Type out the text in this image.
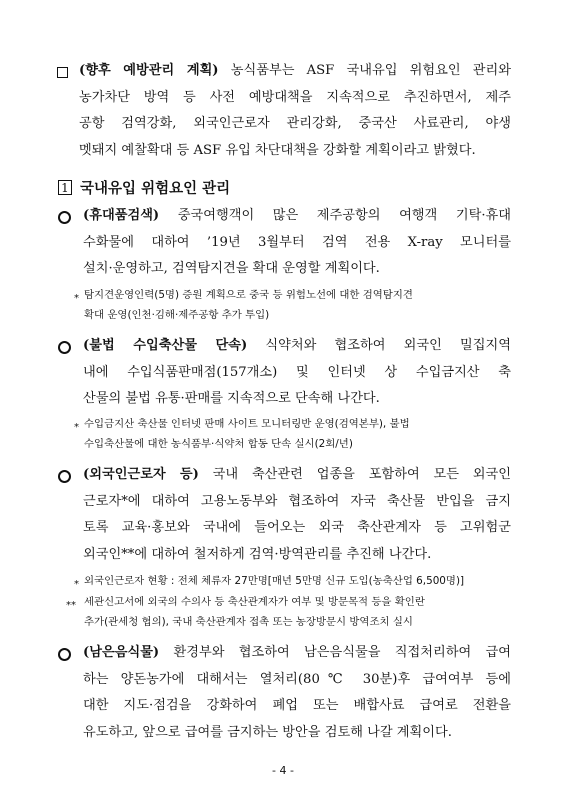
(향후 예방관리 계획) 농식품부는 ASF 국내유입 위험요인 관리와
농가차단 방역 등 사전 예방대책을 지속적으로 추진하면서, 제주
공항 검역강화, 외국인근로자 관리강화, 중국산 사료관리, 야생
멧돼지 예찰확대 등 ASF 유입 차단대책을 강화할 계획이라고 밝혔다.
1 국내유입 위험요인 관리
(휴대품검색) 중국여행객이 많은 제주공항의 여행객 기탁·휴대
수화물에 대하여 ’19년 3월부터 검역 전용 X-ray 모니터를
설치·운영하고, 검역탐지견을 확대 운영할 계획이다.
* 탐지견운영인력(5명) 증원 계획으로 중국 등 위험노선에 대한 검역탐지견
확대 운영(인천·김해·제주공항 추가 투입)
(불법 수입축산물 단속) 식약처와 협조하여 외국인 밀집지역
내에 수입식품판매점(157개소) 및 인터넷 상 수입금지산 축
산물의 불법 유통·판매를 지속적으로 단속해 나간다.
* 수입금지산 축산물 인터넷 판매 사이트 모니터링반 운영(검역본부), 불법
수입축산물에 대한 농식품부·식약처 합동 단속 실시(2회/년)
(외국인근로자 등) 국내 축산관련 업종을 포함하여 모든 외국인
근로자*에 대하여 고용노동부와 협조하여 자국 축산물 반입을 금지
토록 교육·홍보와 국내에 들어오는 외국 축산관계자 등 고위험군
외국인**에 대하여 철저하게 검역·방역관리를 추진해 나간다.
* 외국인근로자 현황 : 전체 체류자 27만명[매년 5만명 신규 도입(농축산업 6,500명)]
** 세관신고서에 외국의 수의사 등 축산관계자가 여부 및 방문목적 등을 확인란
추가(관세청 협의), 국내 축산관계자 접촉 또는 농장방문시 방역조치 실시
(남은음식물) 환경부와 협조하여 남은음식물을 직접처리하여 급여
하는 양돈농가에 대해서는 열처리(80℃ 30분)후 급여여부 등에
대한 지도·점검을 강화하여 폐업 또는 배합사료 급여로 전환을
유도하고, 앞으로 급여를 금지하는 방안을 검토해 나갈 계획이다.
- 4 -
